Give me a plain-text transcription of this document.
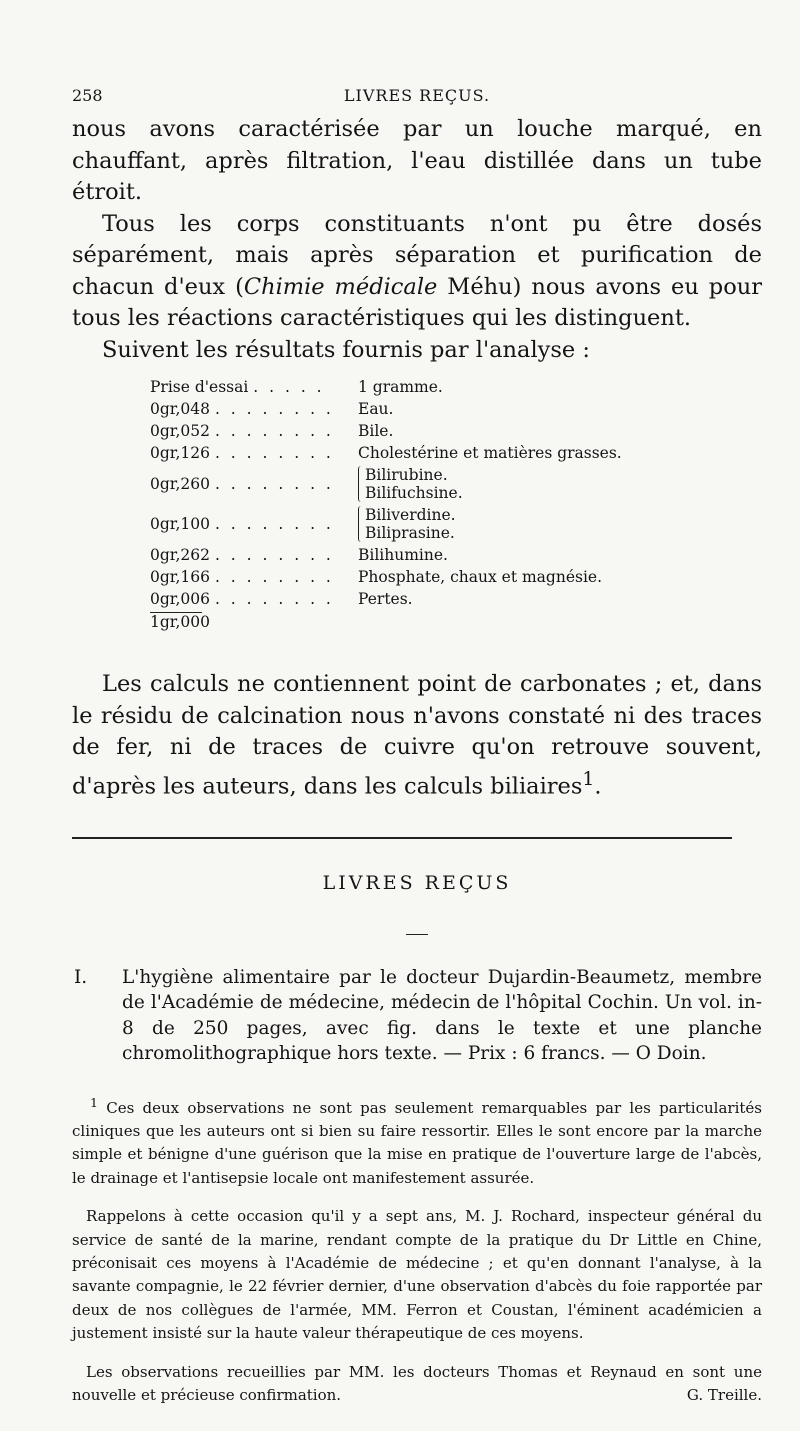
258	LIVRES REÇUS.

nous avons caractérisée par un louche marqué, en chauffant, après filtration, l'eau distillée dans un tube étroit.

Tous les corps constituants n'ont pu être dosés séparément, mais après séparation et purification de chacun d'eux (Chimie médicale Méhu) nous avons eu pour tous les réactions caractéristiques qui les distinguent.

Suivent les résultats fournis par l'analyse :

Prise d'essai . . . . .	1 gramme.
0gr,048 . . . . . . . .	Eau.
0gr,052 . . . . . . . .	Bile.
0gr,126 . . . . . . . .	Cholestérine et matières grasses.
0gr,260 . . . . . . . .	Bilirubine.
Bilifuchsine.
0gr,100 . . . . . . . .	Biliverdine.
Biliprasine.
0gr,262 . . . . . . . .	Bilihumine.
0gr,166 . . . . . . . .	Phosphate, chaux et magnésie.
0gr,006 . . . . . . . .	Pertes.
1gr,000

Les calculs ne contiennent point de carbonates ; et, dans le résidu de calcination nous n'avons constaté ni des traces de fer, ni de traces de cuivre qu'on retrouve souvent, d'après les auteurs, dans les calculs biliaires$^1$.

LIVRES REÇUS
I.	L'hygiène alimentaire par le docteur Dujardin-Beaumetz, membre de l'Académie de médecine, médecin de l'hôpital Cochin. Un vol. in-8 de 250 pages, avec fig. dans le texte et une planche chromolithographique hors texte. — Prix : 6 francs. — O Doin.

$^1$ Ces deux observations ne sont pas seulement remarquables par les particularités cliniques que les auteurs ont si bien su faire ressortir. Elles le sont encore par la marche simple et bénigne d'une guérison que la mise en pratique de l'ouverture large de l'abcès, le drainage et l'antisepsie locale ont manifestement assurée.

Rappelons à cette occasion qu'il y a sept ans, M. J. Rochard, inspecteur général du service de santé de la marine, rendant compte de la pratique du Dr Little en Chine, préconisait ces moyens à l'Académie de médecine ; et qu'en donnant l'analyse, à la savante compagnie, le 22 février dernier, d'une observation d'abcès du foie rapportée par deux de nos collègues de l'armée, MM. Ferron et Coustan, l'éminent académicien a justement insisté sur la haute valeur thérapeutique de ces moyens.

Les observations recueillies par MM. les docteurs Thomas et Reynaud en sont une nouvelle et précieuse confirmation.	G. Treille.
